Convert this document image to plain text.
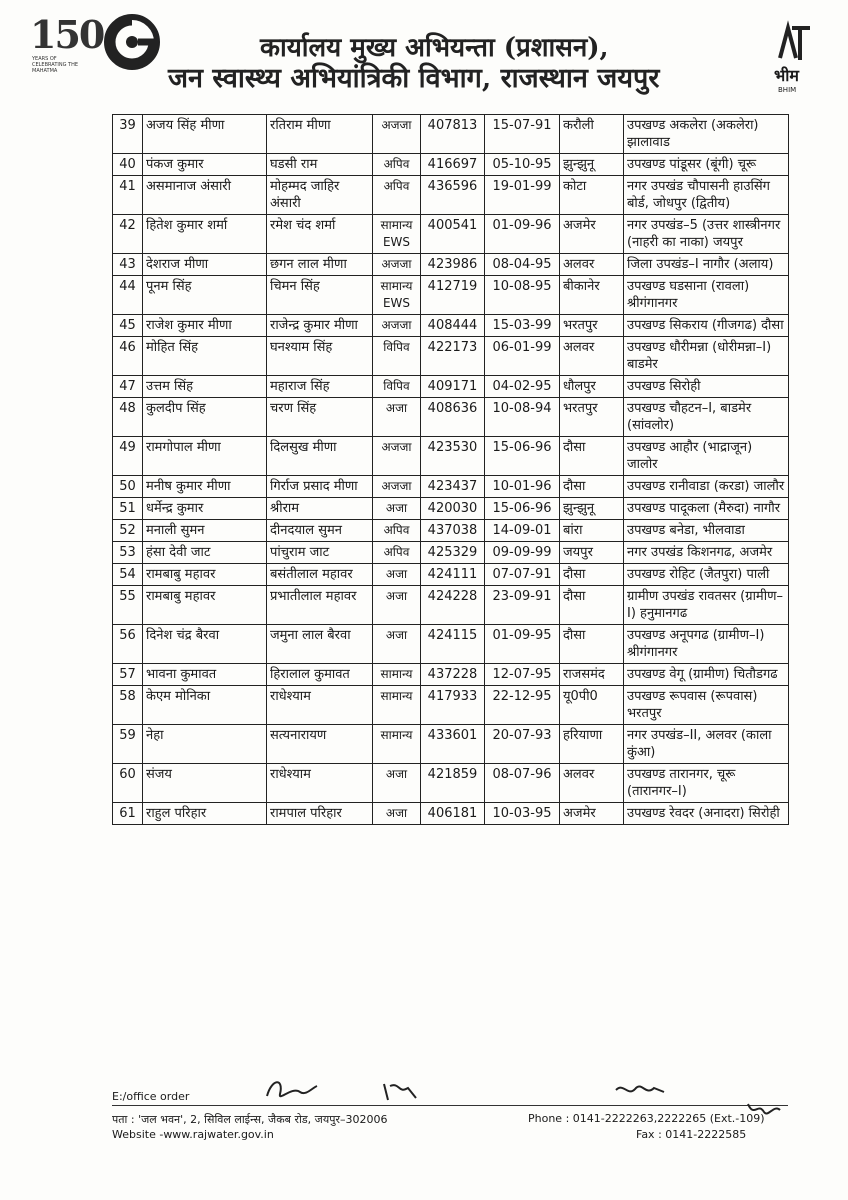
150
YEARS OF CELEBRATING THE MAHATMA
कार्यालय मुख्य अभियन्ता (प्रशासन),
जन स्वास्थ्य अभियांत्रिकी विभाग, राजस्थान जयपुर	भीम
BHIM
39	अजय सिंह मीणा	रतिराम मीणा	अजजा	407813	15-07-91	करौली	उपखण्ड अकलेरा (अकलेरा) झालावाड
40	पंकज कुमार	घडसी राम	अपिव	416697	05-10-95	झुन्झुनू	उपखण्ड पांडूसर (बूंगी) चूरू
41	असमानाज अंसारी	मोहम्मद जाहिर अंसारी	अपिव	436596	19-01-99	कोटा	नगर उपखंड चौपासनी हाउसिंग बोर्ड, जोधपुर (द्वितीय)
42	हितेश कुमार शर्मा	रमेश चंद शर्मा	सामान्य EWS	400541	01-09-96	अजमेर	नगर उपखंड–5 (उत्तर शास्त्रीनगर (नाहरी का नाका) जयपुर
43	देशराज मीणा	छगन लाल मीणा	अजजा	423986	08-04-95	अलवर	जिला उपखंड–I नागौर (अलाय)
44	पूनम सिंह	चिमन सिंह	सामान्य EWS	412719	10-08-95	बीकानेर	उपखण्ड घडसाना (रावला) श्रीगंगानगर
45	राजेश कुमार मीणा	राजेन्द्र कुमार मीणा	अजजा	408444	15-03-99	भरतपुर	उपखण्ड सिकराय (गीजगढ) दौसा
46	मोहित सिंह	घनश्याम सिंह	विपिव	422173	06-01-99	अलवर	उपखण्ड धौरीमन्ना (धोरीमन्ना–I) बाडमेर
47	उत्तम सिंह	महाराज सिंह	विपिव	409171	04-02-95	धौलपुर	उपखण्ड सिरोही
48	कुलदीप सिंह	चरण सिंह	अजा	408636	10-08-94	भरतपुर	उपखण्ड चौहटन–I, बाडमेर (सांवलोर)
49	रामगोपाल मीणा	दिलसुख मीणा	अजजा	423530	15-06-96	दौसा	उपखण्ड आहौर (भाद्राजून) जालोर
50	मनीष कुमार मीणा	गिर्राज प्रसाद मीणा	अजजा	423437	10-01-96	दौसा	उपखण्ड रानीवाडा (करडा) जालौर
51	धर्मेन्द्र कुमार	श्रीराम	अजा	420030	15-06-96	झुन्झुनू	उपखण्ड पादूकला (मैरुदा) नागौर
52	मनाली सुमन	दीनदयाल सुमन	अपिव	437038	14-09-01	बांरा	उपखण्ड बनेडा, भीलवाडा
53	हंसा देवी जाट	पांचुराम जाट	अपिव	425329	09-09-99	जयपुर	नगर उपखंड किशनगढ, अजमेर
54	रामबाबु महावर	बसंतीलाल महावर	अजा	424111	07-07-91	दौसा	उपखण्ड रोहिट (जैतपुरा) पाली
55	रामबाबु महावर	प्रभातीलाल महावर	अजा	424228	23-09-91	दौसा	ग्रामीण उपखंड रावतसर (ग्रामीण–I) हनुमानगढ
56	दिनेश चंद्र बैरवा	जमुना लाल बैरवा	अजा	424115	01-09-95	दौसा	उपखण्ड अनूपगढ (ग्रामीण–I) श्रीगंगानगर
57	भावना कुमावत	हिरालाल कुमावत	सामान्य	437228	12-07-95	राजसमंद	उपखण्ड वेगू (ग्रामीण) चितौडगढ
58	केएम मोनिका	राधेश्याम	सामान्य	417933	22-12-95	यू0पी0	उपखण्ड रूपवास (रूपवास) भरतपुर
59	नेहा	सत्यनारायण	सामान्य	433601	20-07-93	हरियाणा	नगर उपखंड–II, अलवर (काला कुंआ)
60	संजय	राधेश्याम	अजा	421859	08-07-96	अलवर	उपखण्ड तारानगर, चूरू (तारानगर–I)
61	राहुल परिहार	रामपाल परिहार	अजा	406181	10-03-95	अजमेर	उपखण्ड रेवदर (अनादरा) सिरोही
E:/office order
पता : 'जल भवन', 2, सिविल लाईन्स, जैकब रोड, जयपुर–302006
Website -www.rajwater.gov.in
Phone : 0141-2222263,2222265 (Ext.-109)
Fax : 0141-2222585
